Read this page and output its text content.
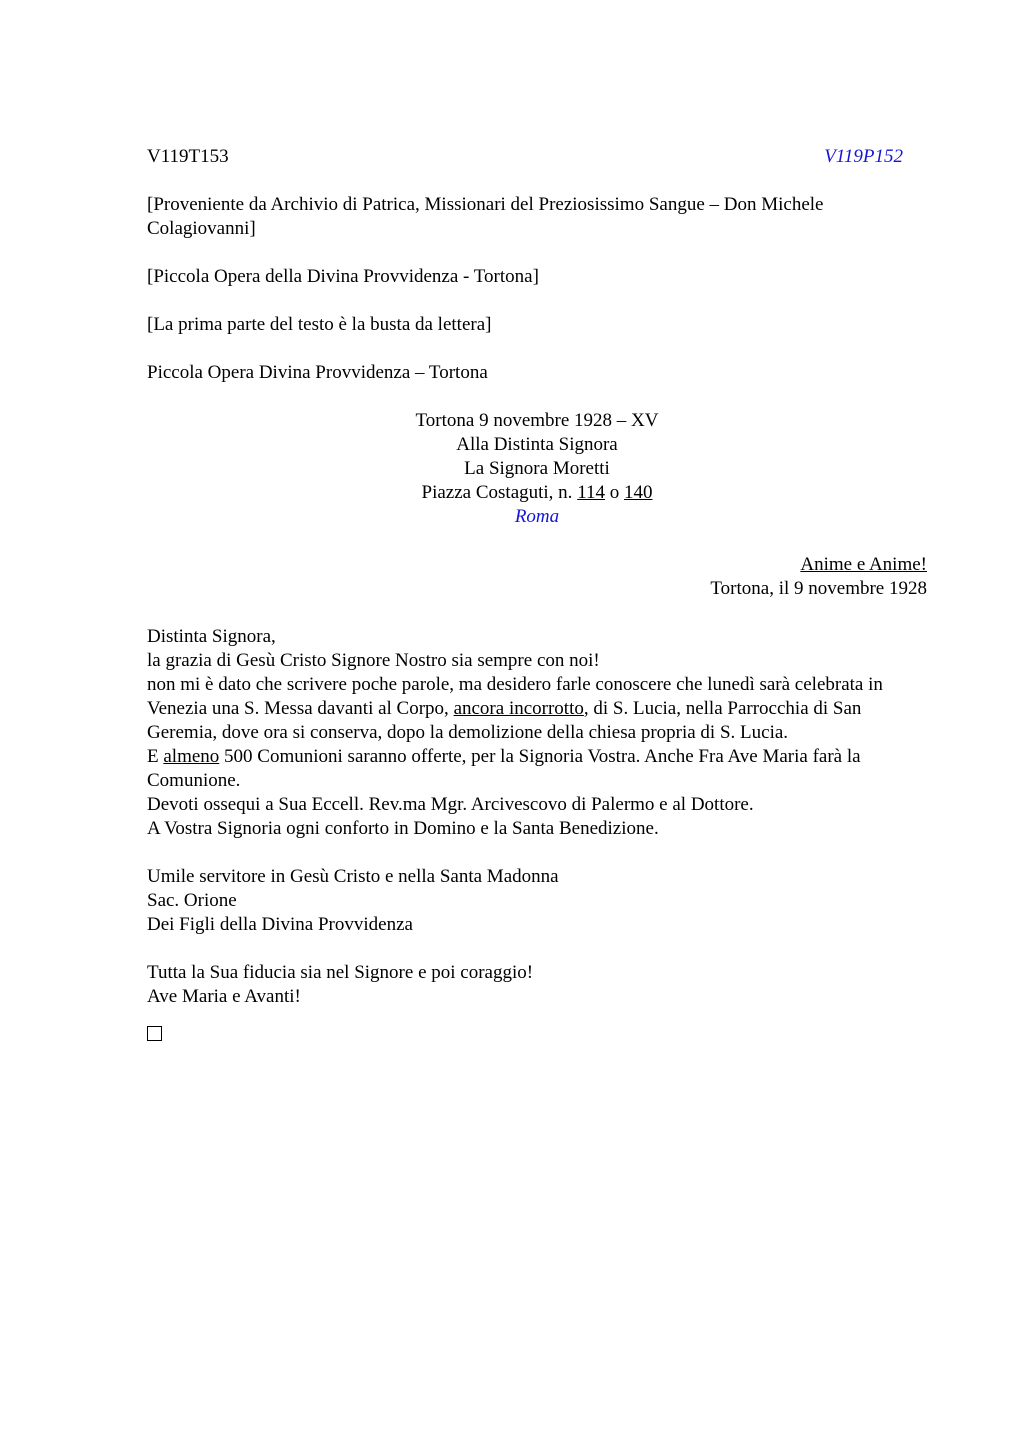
V119T153	V119P152

[Proveniente da Archivio di Patrica, Missionari del Preziosissimo Sangue – Don Michele Colagiovanni]

[Piccola Opera della Divina Provvidenza - Tortona]

[La prima parte del testo è la busta da lettera]

Piccola Opera Divina Provvidenza – Tortona

Tortona 9 novembre 1928 – XV
Alla Distinta Signora
La Signora Moretti
Piazza Costaguti, n. 114 o 140
Roma
Anime e Anime!
Tortona, il 9 novembre 1928

Distinta Signora,

la grazia di Gesù Cristo Signore Nostro sia sempre con noi!

non mi è dato che scrivere poche parole, ma desidero farle conoscere che lunedì sarà celebrata in Venezia una S. Messa davanti al Corpo, ancora incorrotto, di S. Lucia, nella Parrocchia di San Geremia, dove ora si conserva, dopo la demolizione della chiesa propria di S. Lucia.

E almeno 500 Comunioni saranno offerte, per la Signoria Vostra. Anche Fra Ave Maria farà la Comunione.

Devoti ossequi a Sua Eccell. Rev.ma Mgr. Arcivescovo di Palermo e al Dottore.

A Vostra Signoria ogni conforto in Domino e la Santa Benedizione.

Umile servitore in Gesù Cristo e nella Santa Madonna

Sac. Orione

Dei Figli della Divina Provvidenza

Tutta la Sua fiducia sia nel Signore e poi coraggio!

Ave Maria e Avanti!
